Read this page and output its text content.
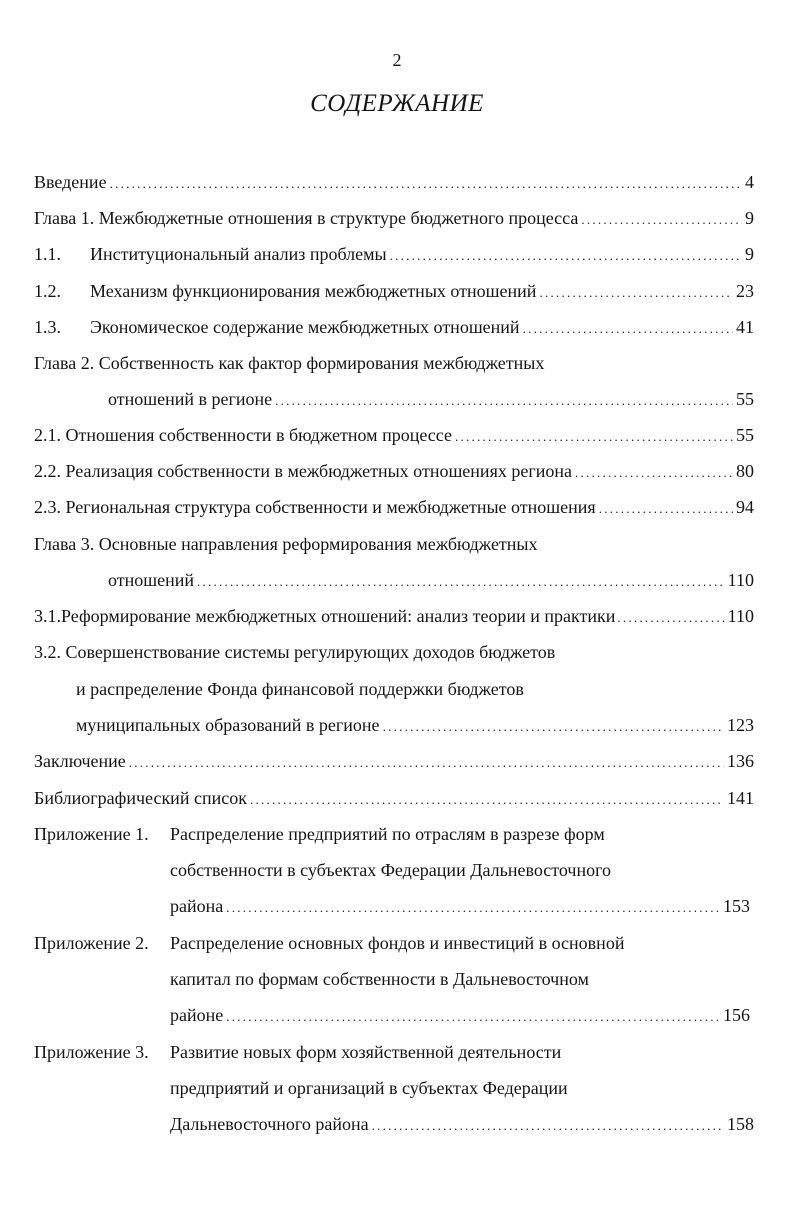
2
СОДЕРЖАНИЕ
Введение . . .	4
Глава 1. Межбюджетные отношения в структуре бюджетного процесса . . .	9
1.1.	Институциональный анализ проблемы . . .	9
1.2.	Механизм функционирования межбюджетных отношений . . .	23
1.3.	Экономическое содержание межбюджетных отношений . . .	41
Глава 2. Собственность как фактор формирования межбюджетных
отношений в регионе . . .	55
2.1. Отношения собственности в бюджетном процессе . . .	55
2.2. Реализация собственности в межбюджетных отношениях региона . . .	80
2.3. Региональная структура собственности и межбюджетные отношения . . .	94
Глава 3. Основные направления реформирования межбюджетных
отношений . . .	110
3.1.Реформирование межбюджетных отношений: анализ теории и практики . . .	110
3.2. Совершенствование системы регулирующих доходов бюджетов
и распределение Фонда финансовой поддержки бюджетов
муниципальных образований в регионе . . .	123
Заключение . . .	136
Библиографический список . . .	141
Приложение 1. Распределение предприятий по отраслям в разрезе форм
собственности в субъектах Федерации Дальневосточного
района . . .	153
Приложение 2. Распределение основных фондов и инвестиций в основной
капитал по формам собственности в Дальневосточном
районе . . .	156
Приложение 3. Развитие новых форм хозяйственной деятельности
предприятий и организаций в субъектах Федерации
Дальневосточного района . . .	158
